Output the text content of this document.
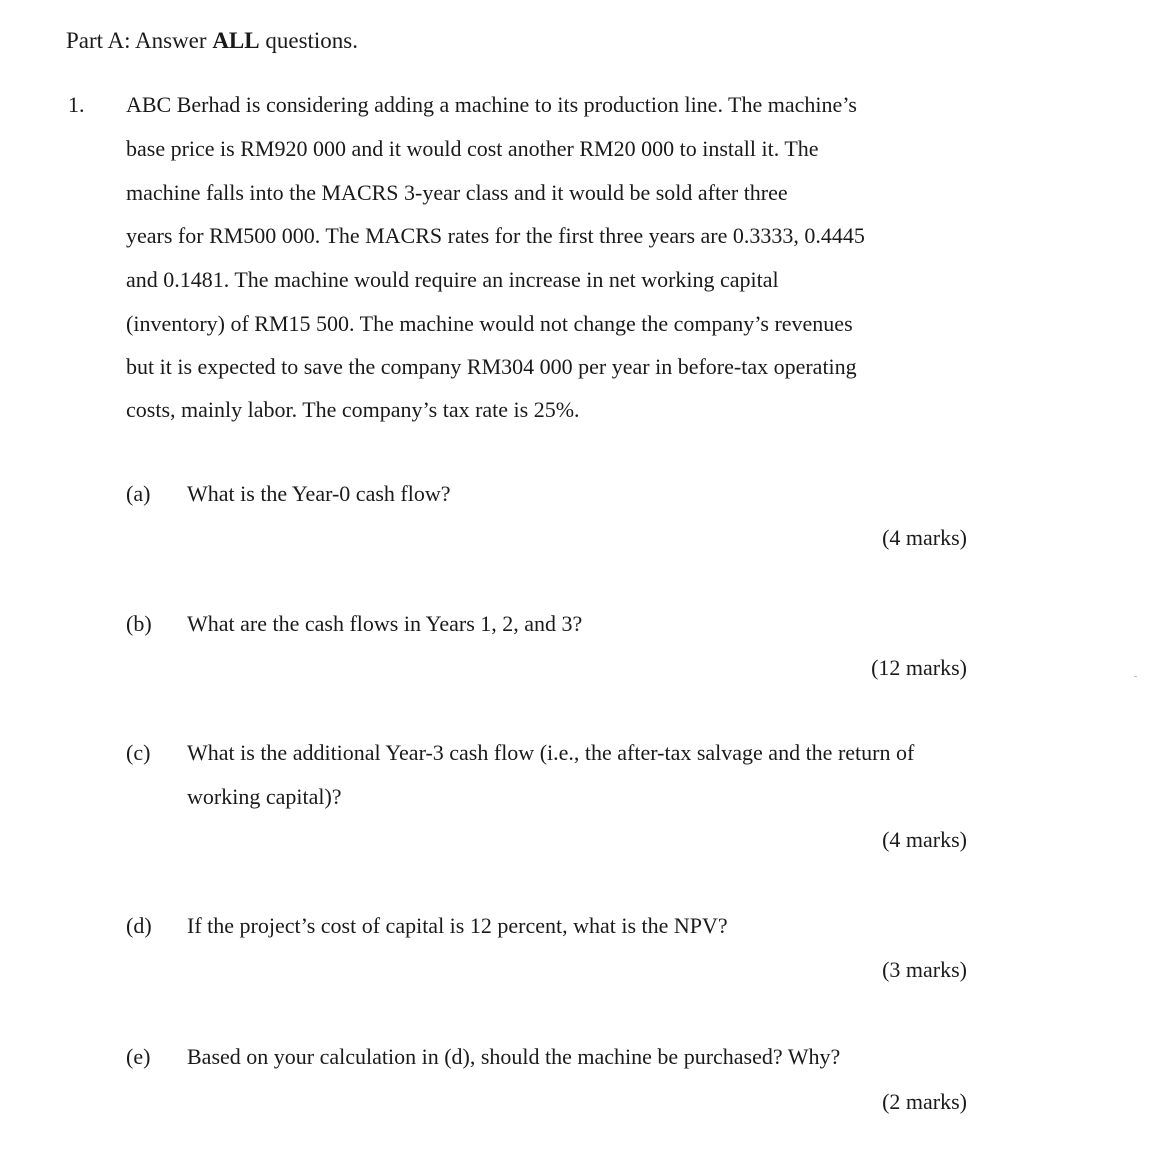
Part A: Answer ALL questions.
1. ABC Berhad is considering adding a machine to its production line. The machine’s
base price is RM920 000 and it would cost another RM20 000 to install it. The
machine falls into the MACRS 3-year class and it would be sold after three
years for RM500 000. The MACRS rates for the first three years are 0.3333, 0.4445
and 0.1481. The machine would require an increase in net working capital
(inventory) of RM15 500. The machine would not change the company’s revenues
but it is expected to save the company RM304 000 per year in before-tax operating
costs, mainly labor. The company’s tax rate is 25%.
(a) What is the Year-0 cash flow?
(4 marks)
(b) What are the cash flows in Years 1, 2, and 3?
(12 marks)
(c) What is the additional Year-3 cash flow (i.e., the after-tax salvage and the return of working capital)?
(4 marks)
(d) If the project’s cost of capital is 12 percent, what is the NPV?
(3 marks)
(e) Based on your calculation in (d), should the machine be purchased? Why?
(2 marks)
